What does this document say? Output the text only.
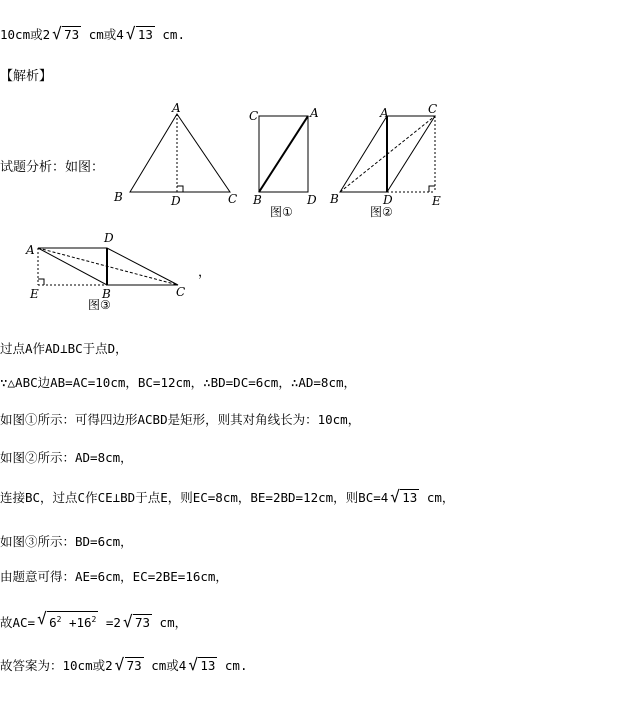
10cm或2 √ 73 cm或4 √ 13 cm.
【解析】
试题分析：如图：
A
B	C
D
C	A
B	D
图①
A	C
B	D	E
图②
A
D
E	B	C
图③
，
过点A作AD⊥BC于点D，
∵△ABC边AB=AC=10cm，BC=12cm，∴BD=DC=6cm，∴AD=8cm，
如图①所示：可得四边形ACBD是矩形，则其对角线长为：10cm，
如图②所示：AD=8cm，
连接BC，过点C作CE⊥BD于点E，则EC=8cm，BE=2BD=12cm，则BC=4 √ 13 cm，
如图③所示：BD=6cm，
由题意可得：AE=6cm，EC=2BE=16cm，
故AC= √ $6^2 +16^2 =2$ √ 73 cm，
故答案为：10cm或2 √ 73 cm或4 √ 13 cm.
